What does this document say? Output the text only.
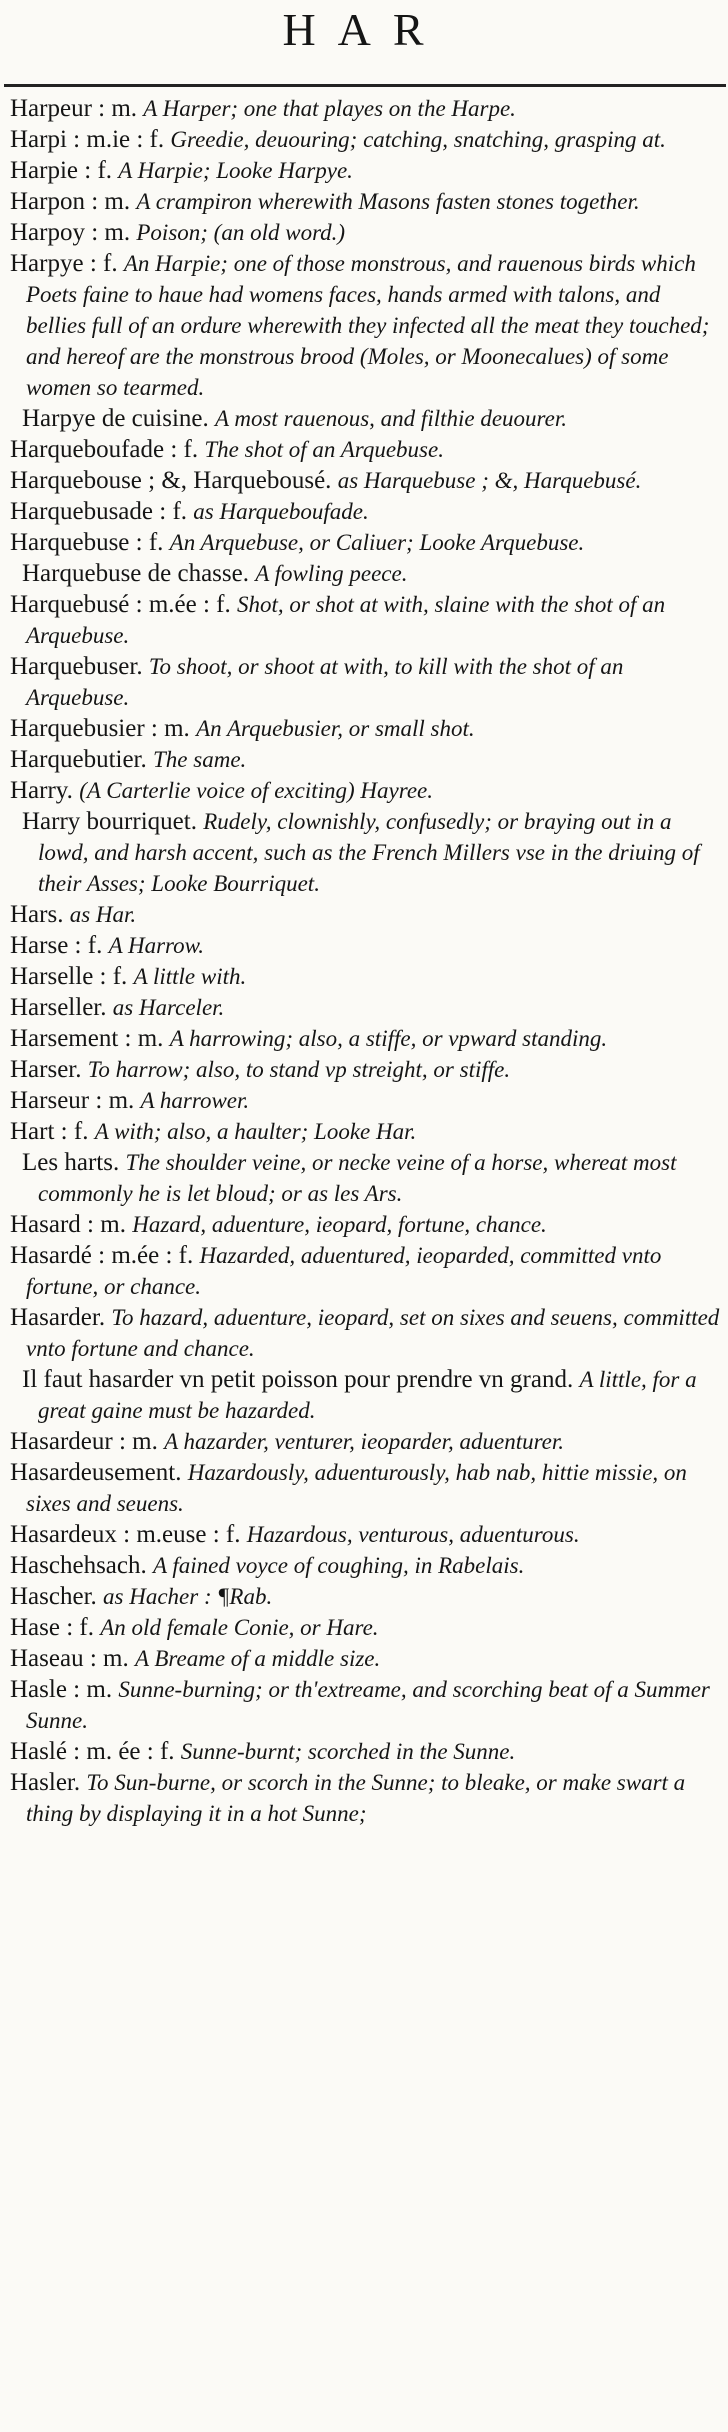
HAR
Harpeur : m. A Harper; one that playes on the Harpe.
Harpi : m.ie : f. Greedie, deuouring; catching, snatching, grasping at.
Harpie : f. A Harpie; Looke Harpye.
Harpon : m. A crampiron wherewith Masons fasten stones together.
Harpoy : m. Poison; (an old word.)
Harpye : f. An Harpie; one of those monstrous, and rauenous birds which Poets faine to haue had womens faces, hands armed with talons, and bellies full of an ordure wherewith they infected all the meat they touched; and hereof are the monstrous brood (Moles, or Moonecalues) of some women so tearmed.
Harpye de cuisine. A most rauenous, and filthie deuourer.
Harqueboufade : f. The shot of an Arquebuse.
Harquebouse ; &, Harquebousé. as Harquebuse ; &, Harquebusé.
Harquebusade : f. as Harqueboufade.
Harquebuse : f. An Arquebuse, or Caliuer; Looke Arquebuse.
Harquebuse de chasse. A fowling peece.
Harquebusé : m.ée : f. Shot, or shot at with, slaine with the shot of an Arquebuse.
Harquebuser. To shoot, or shoot at with, to kill with the shot of an Arquebuse.
Harquebusier : m. An Arquebusier, or small shot.
Harquebutier. The same.
Harry. (A Carterlie voice of exciting) Hayree.
Harry bourriquet. Rudely, clownishly, confusedly; or braying out in a lowd, and harsh accent, such as the French Millers vse in the driuing of their Asses; Looke Bourriquet.
Hars. as Har.
Harse : f. A Harrow.
Harselle : f. A little with.
Harseller. as Harceler.
Harsement : m. A harrowing; also, a stiffe, or vpward standing.
Harser. To harrow; also, to stand vp streight, or stiffe.
Harseur : m. A harrower.
Hart : f. A with; also, a haulter; Looke Har.
Les harts. The shoulder veine, or necke veine of a horse, whereat most commonly he is let bloud; or as les Ars.
Hasard : m. Hazard, aduenture, ieopard, fortune, chance.
Hasardé : m.ée : f. Hazarded, aduentured, ieoparded, committed vnto fortune, or chance.
Hasarder. To hazard, aduenture, ieopard, set on sixes and seuens, committed vnto fortune and chance.
Il faut hasarder vn petit poisson pour prendre vn grand. A little, for a great gaine must be hazarded.
Hasardeur : m. A hazarder, venturer, ieoparder, aduenturer.
Hasardeusement. Hazardously, aduenturously, hab nab, hittie missie, on sixes and seuens.
Hasardeux : m.euse : f. Hazardous, venturous, aduenturous.
Haschehsach. A fained voyce of coughing, in Rabelais.
Hascher. as Hacher : ¶Rab.
Hase : f. An old female Conie, or Hare.
Haseau : m. A Breame of a middle size.
Hasle : m. Sunne-burning; or th'extreame, and scorching beat of a Summer Sunne.
Haslé : m. ée : f. Sunne-burnt; scorched in the Sunne.
Hasler. To Sun-burne, or scorch in the Sunne; to bleake, or make swart a thing by displaying it in a hot Sunne;
